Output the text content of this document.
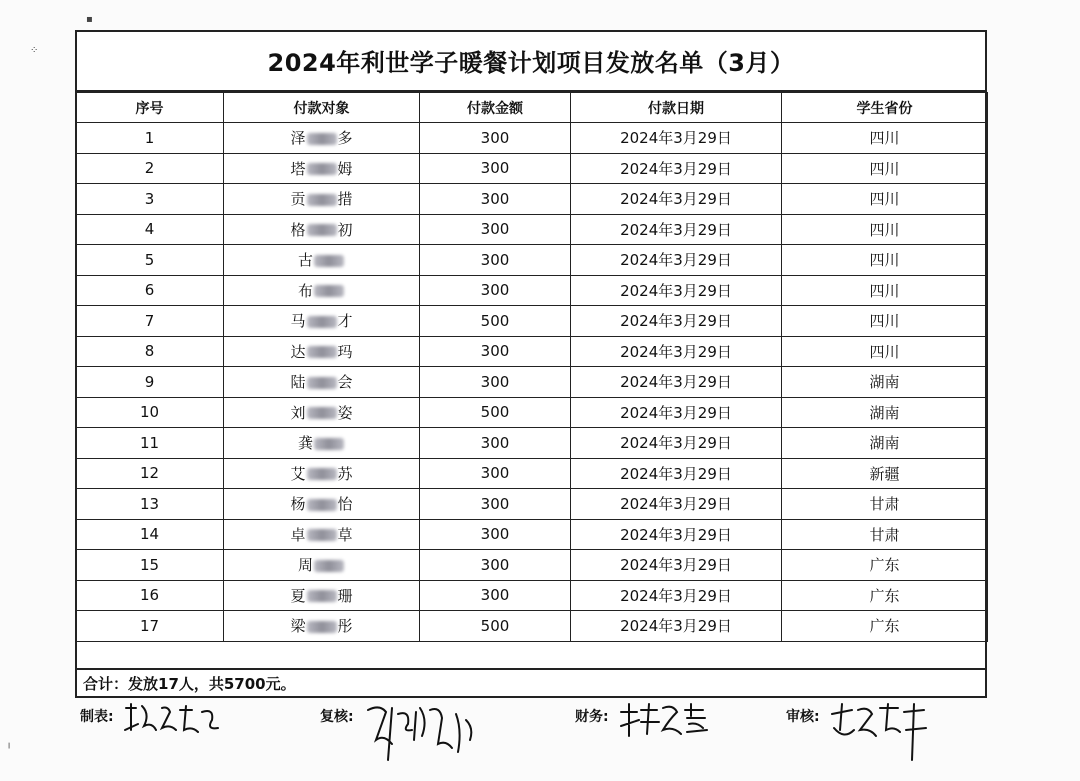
▪
⁘
╷
2024年利世学子暖餐计划项目发放名单（3月）
序号	付款对象	付款金额	付款日期	学生省份
1	泽 多	300	2024年3月29日	四川
2	塔 姆	300	2024年3月29日	四川
3	贡 措	300	2024年3月29日	四川
4	格 初	300	2024年3月29日	四川
5	古	300	2024年3月29日	四川
6	布	300	2024年3月29日	四川
7	马 才	500	2024年3月29日	四川
8	达 玛	300	2024年3月29日	四川
9	陆 会	300	2024年3月29日	湖南
10	刘 姿	500	2024年3月29日	湖南
11	龚	300	2024年3月29日	湖南
12	艾 苏	300	2024年3月29日	新疆
13	杨 怡	300	2024年3月29日	甘肃
14	卓 草	300	2024年3月29日	甘肃
15	周	300	2024年3月29日	广东
16	夏 珊	300	2024年3月29日	广东
17	梁 彤	500	2024年3月29日	广东
合计：发放17人，共5700元。
制表:	复核:	财务:	审核:
